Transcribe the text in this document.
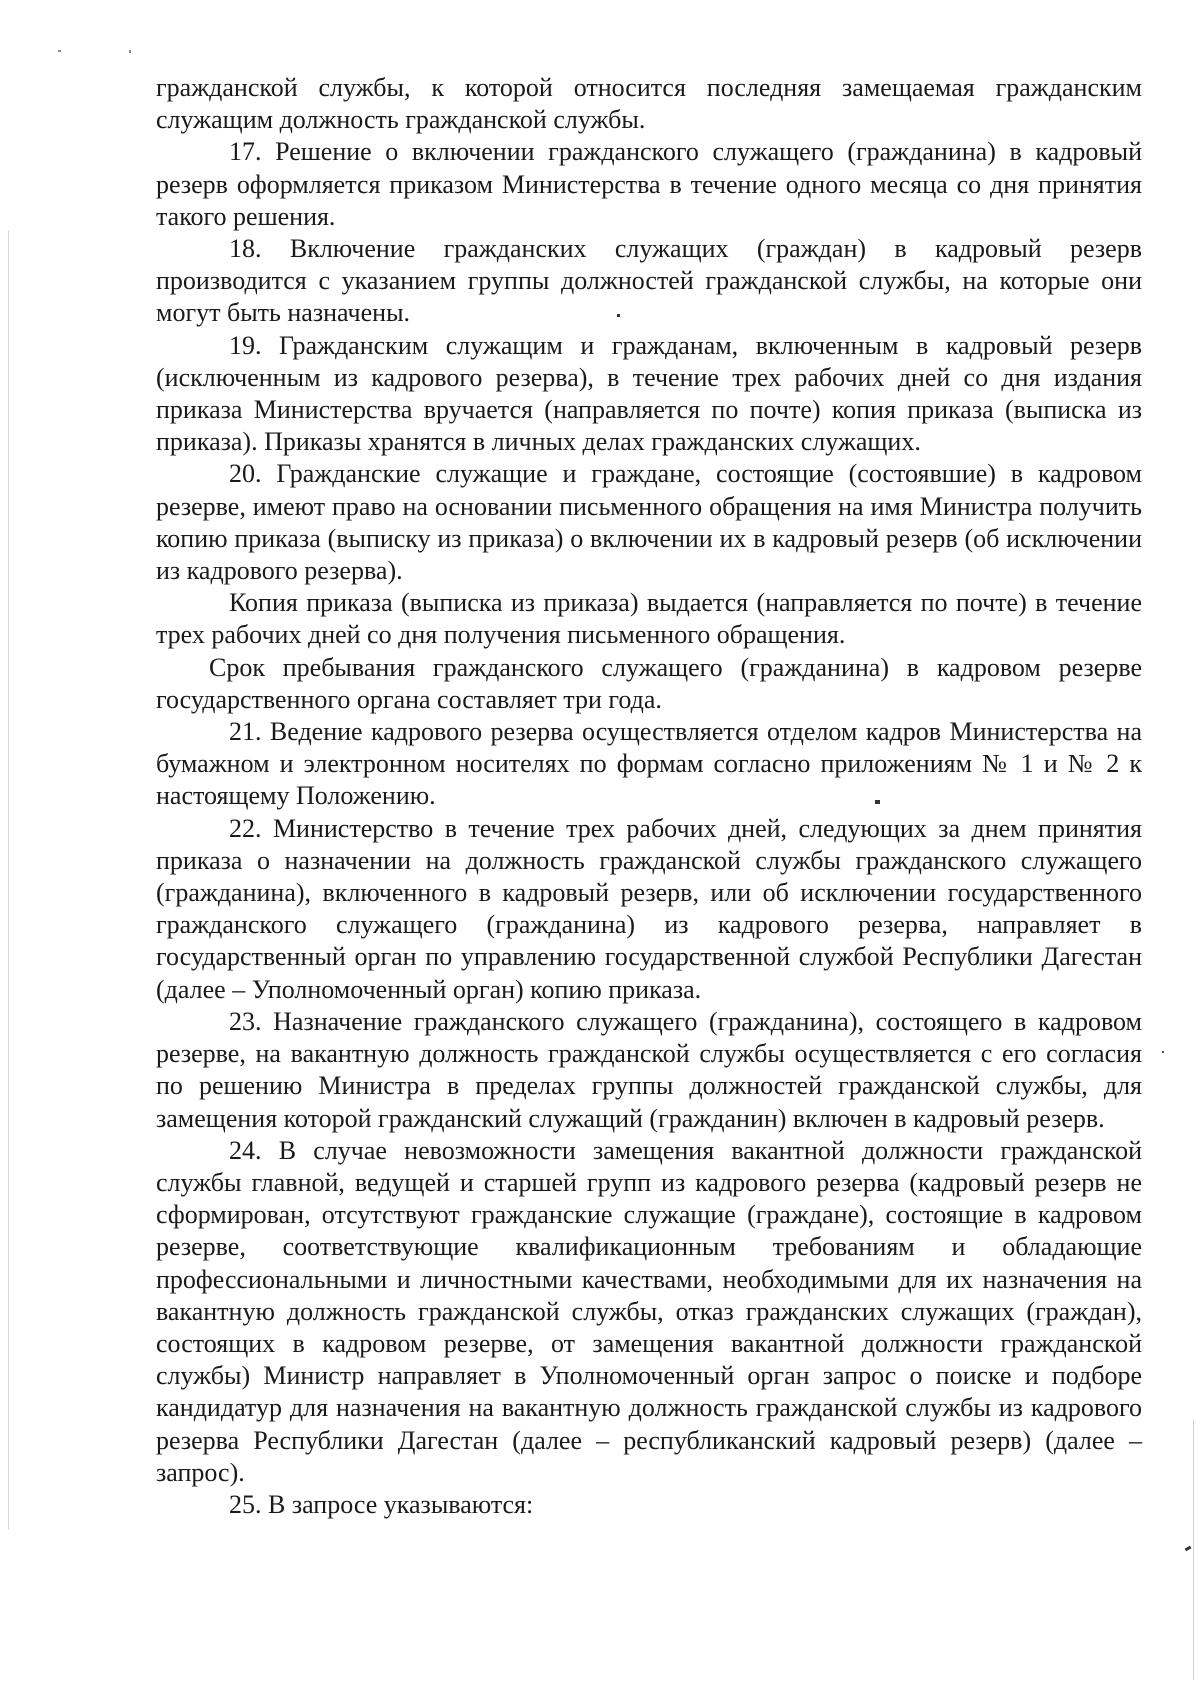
гражданской службы, к которой относится последняя замещаемая гражданским служащим должность гражданской службы.

17. Решение о включении гражданского служащего (гражданина) в кадровый резерв оформляется приказом Министерства в течение одного месяца со дня принятия такого решения.

18. Включение гражданских служащих (граждан) в кадровый резерв производится с указанием группы должностей гражданской службы, на которые они могут быть назначены.

19. Гражданским служащим и гражданам, включенным в кадровый резерв (исключенным из кадрового резерва), в течение трех рабочих дней со дня издания приказа Министерства вручается (направляется по почте) копия приказа (выписка из приказа). Приказы хранятся в личных делах гражданских служащих.

20. Гражданские служащие и граждане, состоящие (состоявшие) в кадровом резерве, имеют право на основании письменного обращения на имя Министра получить копию приказа (выписку из приказа) о включении их в кадровый резерв (об исключении из кадрового резерва).

Копия приказа (выписка из приказа) выдается (направляется по почте) в течение трех рабочих дней со дня получения письменного обращения.

Срок пребывания гражданского служащего (гражданина) в кадровом резерве государственного органа составляет три года.

21. Ведение кадрового резерва осуществляется отделом кадров Министерства на бумажном и электронном носителях по формам согласно приложениям № 1 и № 2 к настоящему Положению.

22. Министерство в течение трех рабочих дней, следующих за днем принятия приказа о назначении на должность гражданской службы гражданского служащего (гражданина), включенного в кадровый резерв, или об исключении государственного гражданского служащего (гражданина) из кадрового резерва, направляет в государственный орган по управлению государственной службой Республики Дагестан (далее – Уполномоченный орган) копию приказа.

23. Назначение гражданского служащего (гражданина), состоящего в кадровом резерве, на вакантную должность гражданской службы осуществляется с его согласия по решению Министра в пределах группы должностей гражданской службы, для замещения которой гражданский служащий (гражданин) включен в кадровый резерв.

24. В случае невозможности замещения вакантной должности гражданской службы главной, ведущей и старшей групп из кадрового резерва (кадровый резерв не сформирован, отсутствуют гражданские служащие (граждане), состоящие в кадровом резерве, соответствующие квалификационным требованиям и обладающие профессиональными и личностными качествами, необходимыми для их назначения на вакантную должность гражданской службы, отказ гражданских служащих (граждан), состоящих в кадровом резерве, от замещения вакантной должности гражданской службы) Министр направляет в Уполномоченный орган запрос о поиске и подборе кандидатур для назначения на вакантную должность гражданской службы из кадрового резерва Республики Дагестан (далее – республиканский кадровый резерв) (далее – запрос).

25. В запросе указываются:
